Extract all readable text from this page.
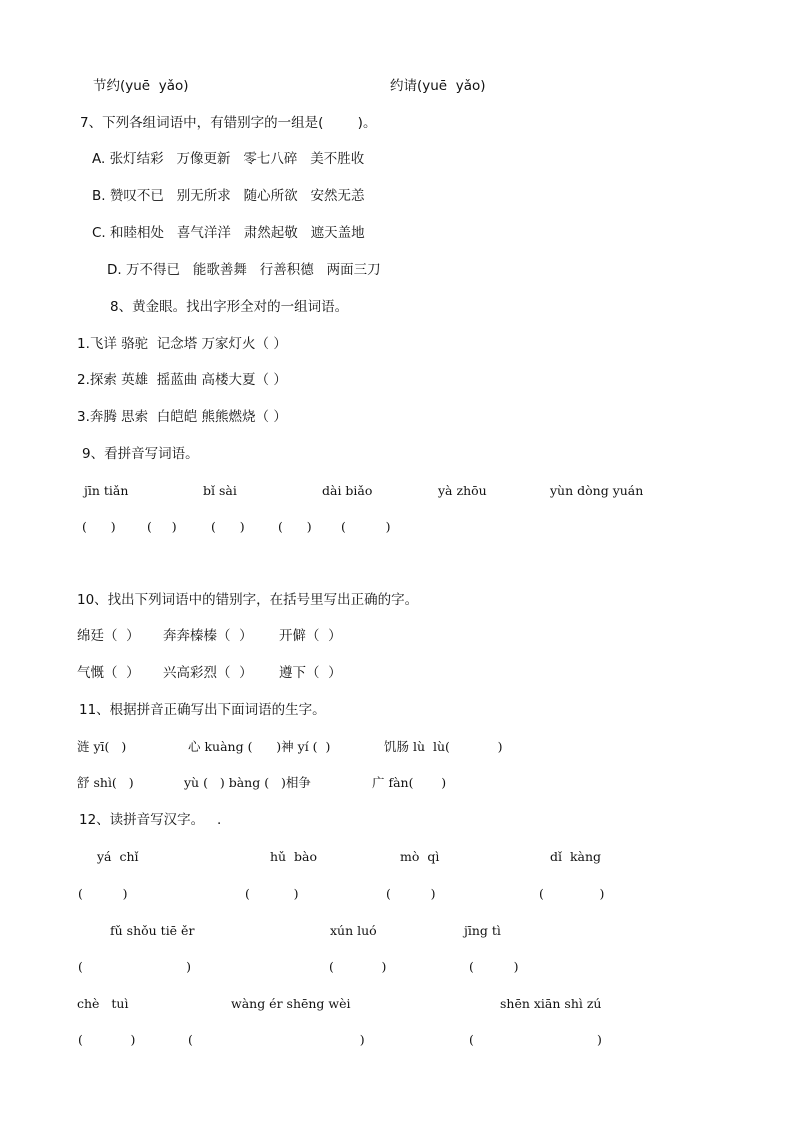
节约(yuē  yǎo)	约请(yuē  yǎo)
7、下列各组词语中，有错别字的一组是(        )。
A. 张灯结彩   万像更新   零七八碎   美不胜收
B. 赞叹不已   别无所求   随心所欲   安然无恙
C. 和睦相处   喜气洋洋   肃然起敬   遮天盖地
D. 万不得已   能歌善舞   行善积德   两面三刀
8、黄金眼。找出字形全对的一组词语。
1.飞详 骆驼  记念塔 万家灯火（ ）
2.探索 英雄  摇蓝曲 高楼大夏（ ）
3.奔腾 思索  白皑皑 熊熊燃烧（ ）
9、看拼音写词语。
jīn tiǎn	bǐ sài	dài biǎo	yà zhōu	yùn dòng yuán
(      )	(     )	(      )	(      ) (          )
10、找出下列词语中的错别字，在括号里写出正确的字。
绵廷（  ） 奔奔榛榛（  ） 开僻（  ）
气慨（  ） 兴高彩烈（  ） 遵下（  ）
11、根据拼音正确写出下面词语的生字。
涟 yī(   )	心 kuàng (      )神 yí (  )	饥肠 lù  lù(            )
舒 shì(   )	yù (   ) bàng (   )相争	广 fàn(       )
12、读拼音写汉字。   .
yá  chǐ	hǔ  bào	mò  qì	dǐ  kàng
(          )	(           )	(          )	(              )
fǔ shǒu tiē ěr	xún luó	jīng tì
(                          )	(            )	(          )
chè   tuì	wàng ér shēng wèi	shēn xiān shì zú
(            )	(                                          )	(                               )
